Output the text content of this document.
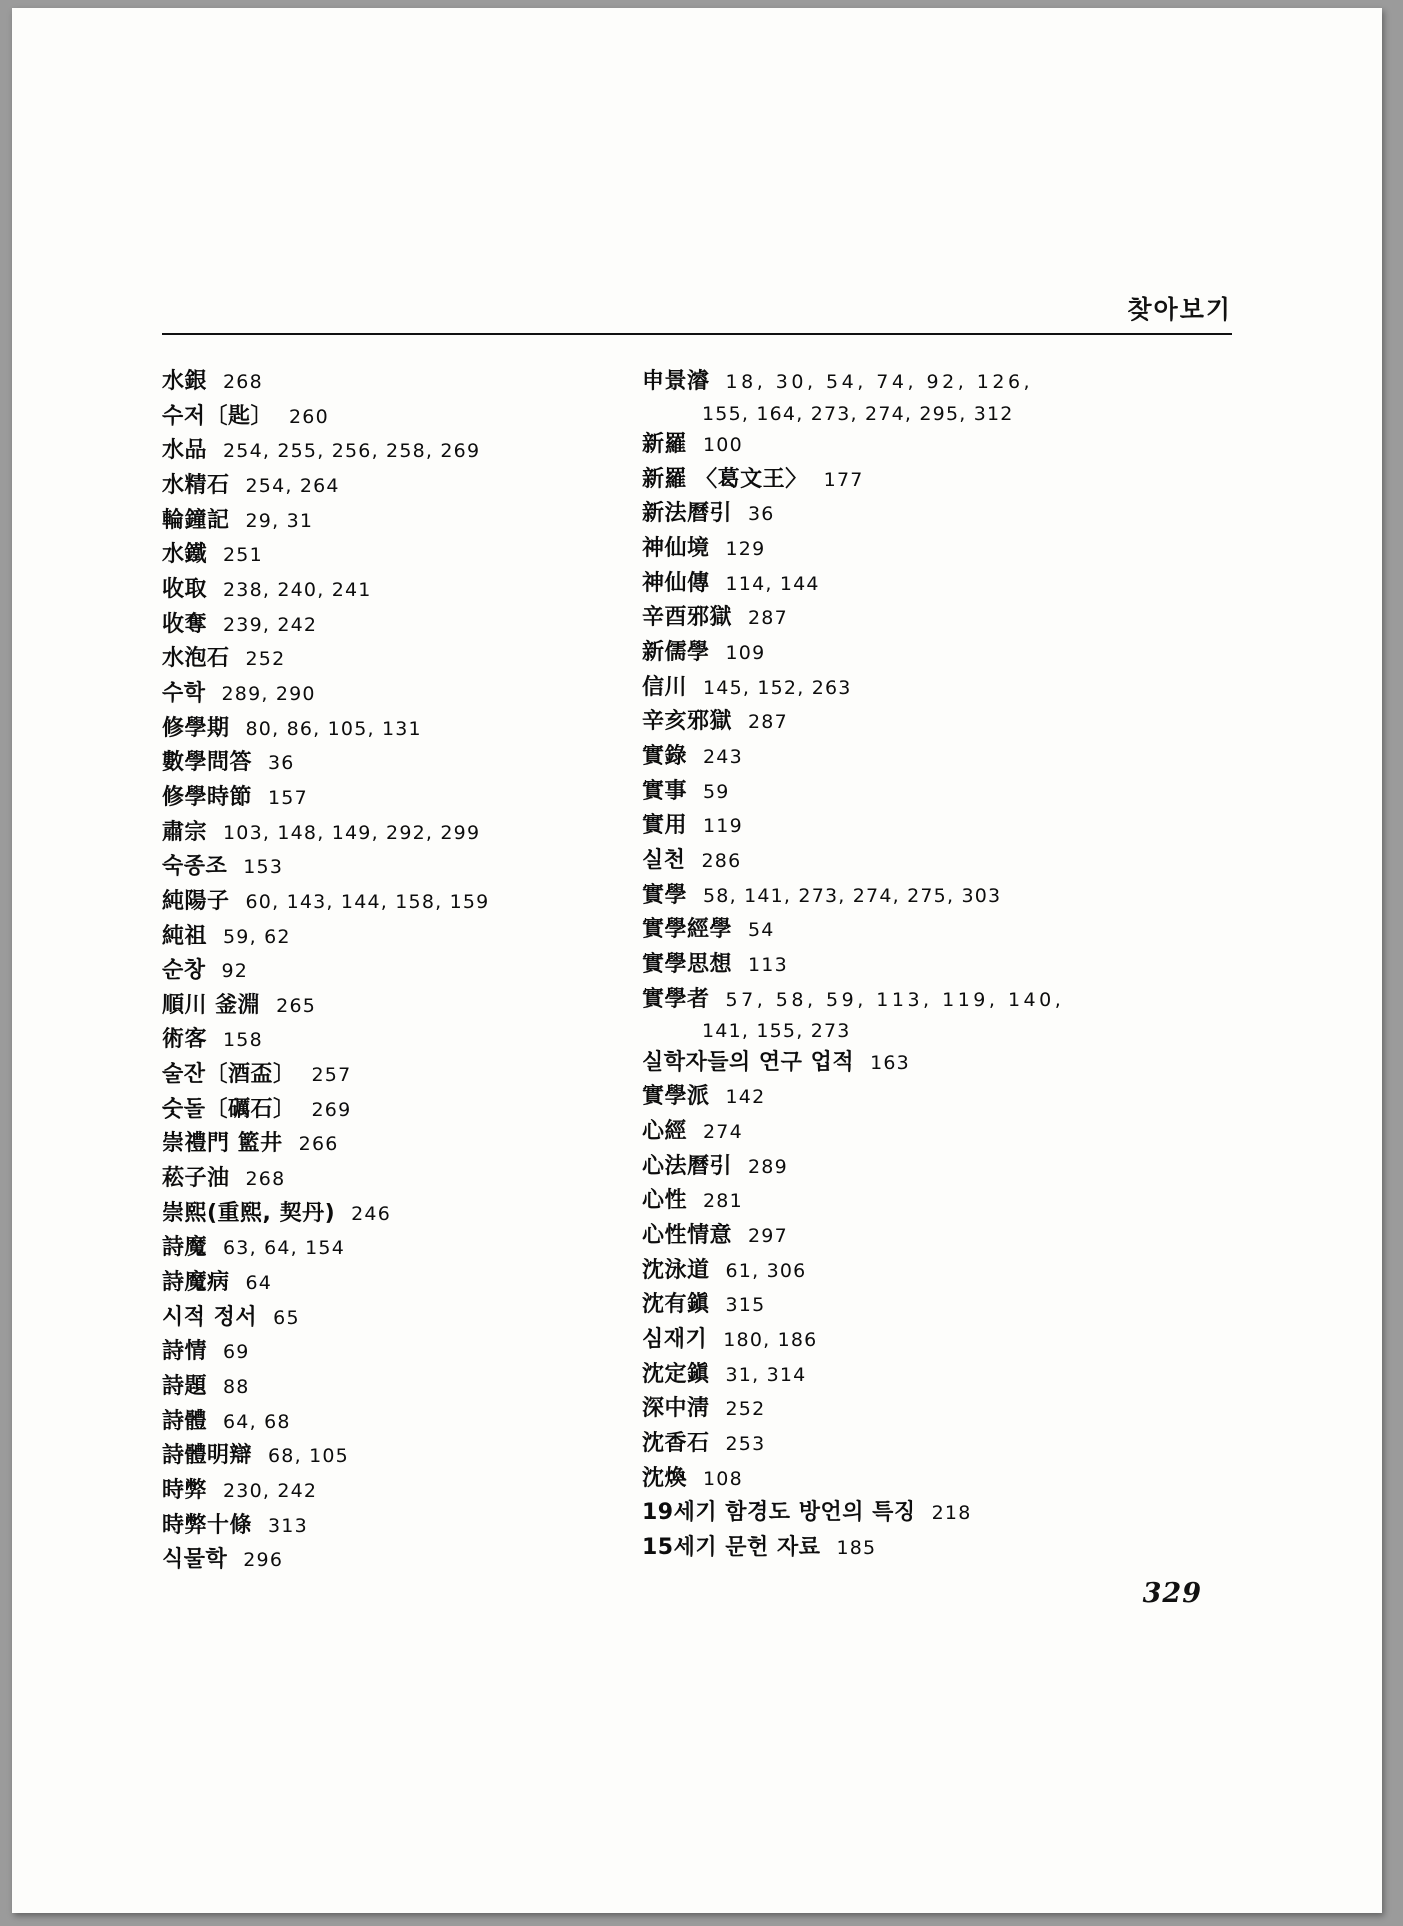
찾아보기
水銀 268
수저〔匙〕 260
水品 254, 255, 256, 258, 269
水精石 254, 264
輪鐘記 29, 31
水鐵 251
收取 238, 240, 241
收奪 239, 242
水泡石 252
수학 289, 290
修學期 80, 86, 105, 131
數學問答 36
修學時節 157
肅宗 103, 148, 149, 292, 299
숙종조 153
純陽子 60, 143, 144, 158, 159
純祖 59, 62
순창 92
順川 釜淵 265
術客 158
술잔〔酒盃〕 257
숫돌〔礪石〕 269
崇禮門 籃井 266
菘子油 268
崇熙(重熙, 契丹) 246
詩魔 63, 64, 154
詩魔病 64
시적 정서 65
詩情 69
詩題 88
詩體 64, 68
詩體明辯 68, 105
時弊 230, 242
時弊十條 313
식물학 296
申景濬 18, 30, 54, 74, 92, 126,
155, 164, 273, 274, 295, 312
新羅 100
新羅 〈葛文王〉 177
新法曆引 36
神仙境 129
神仙傳 114, 144
辛酉邪獄 287
新儒學 109
信川 145, 152, 263
辛亥邪獄 287
實錄 243
實事 59
實用 119
실천 286
實學 58, 141, 273, 274, 275, 303
實學經學 54
實學思想 113
實學者 57, 58, 59, 113, 119, 140,
141, 155, 273
실학자들의 연구 업적 163
實學派 142
心經 274
心法曆引 289
心性 281
心性情意 297
沈泳道 61, 306
沈有鎭 315
심재기 180, 186
沈定鎭 31, 314
深中淸 252
沈香石 253
沈煥 108
19세기 함경도 방언의 특징 218
15세기 문헌 자료 185
329
